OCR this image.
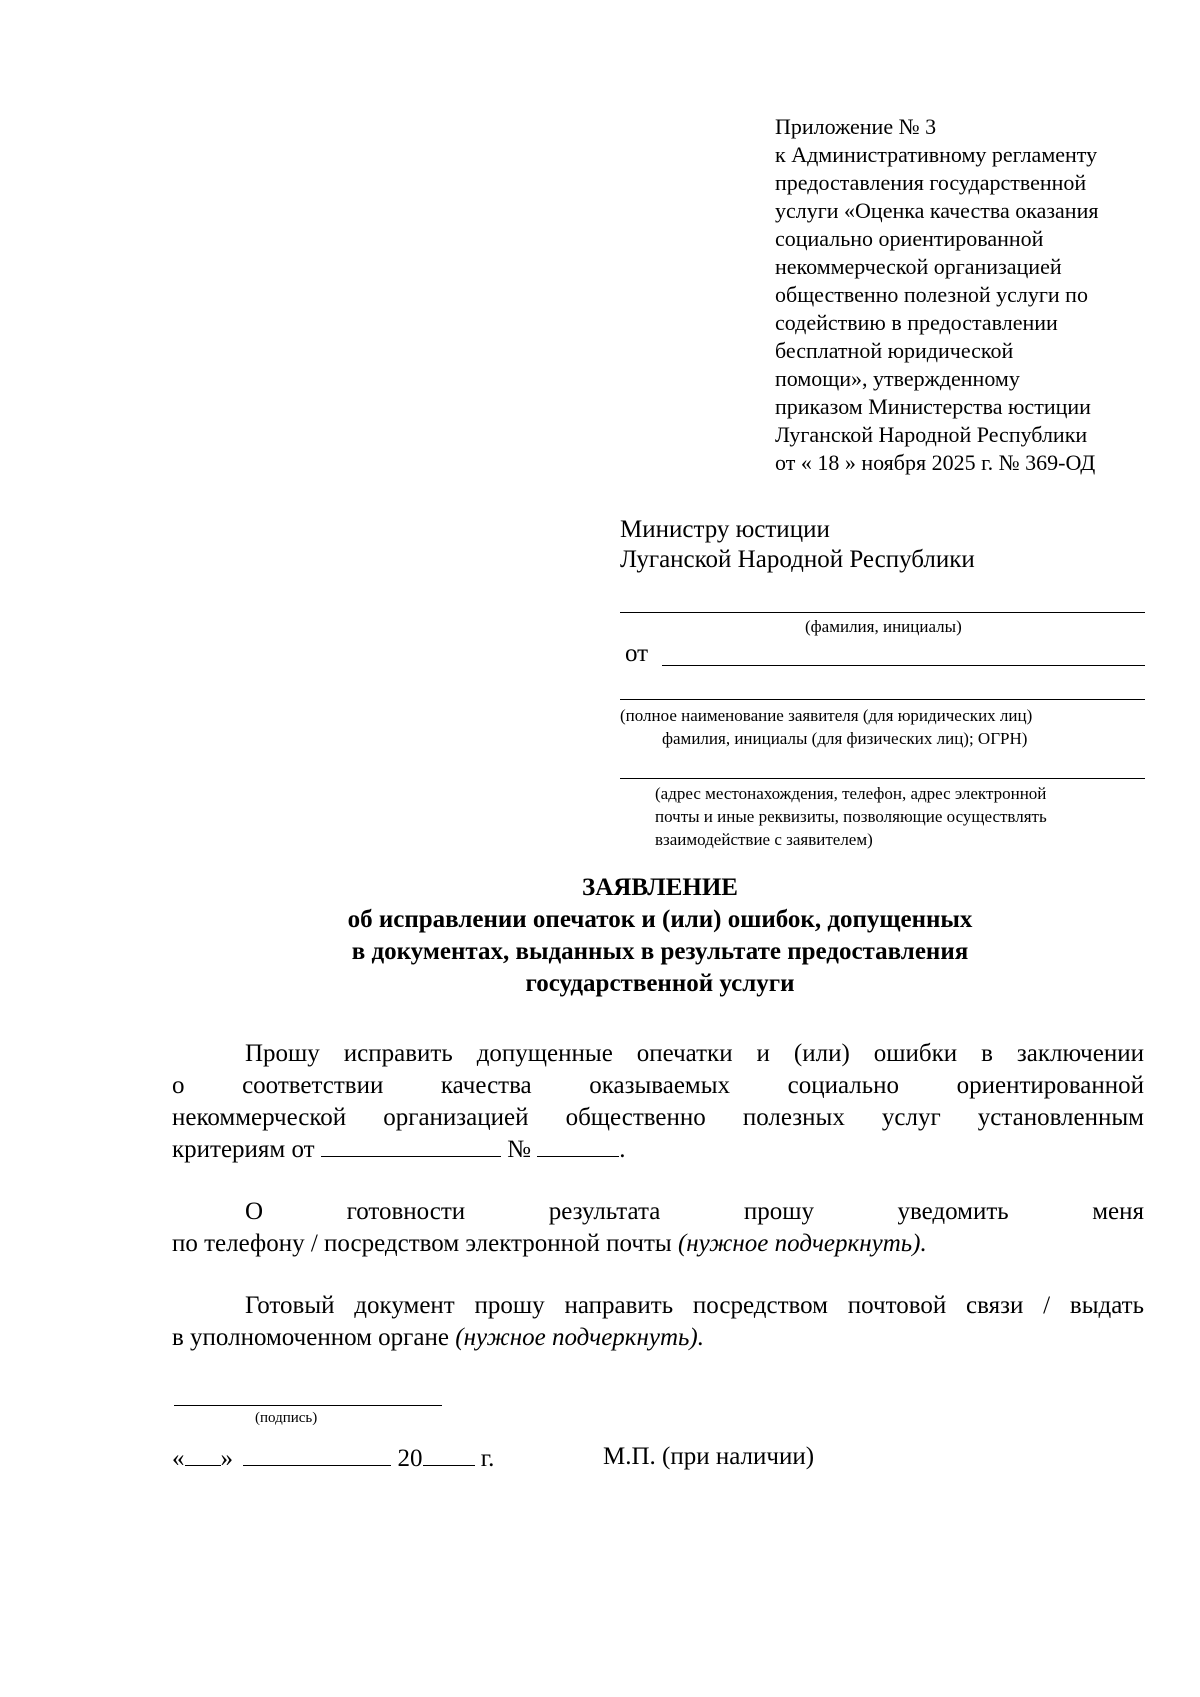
Приложение № 3
к Административному регламенту
предоставления государственной
услуги «Оценка качества оказания
социально ориентированной
некоммерческой организацией
общественно полезной услуги по
содействию в предоставлении
бесплатной юридической
помощи», утвержденному
приказом Министерства юстиции
Луганской Народной Республики
от « 18 » ноября 2025 г. № 369-ОД
Министру юстиции
Луганской Народной Республики
(фамилия, инициалы)
от
(полное наименование заявителя (для юридических лиц)
фамилия, инициалы (для физических лиц); ОГРН)
(адрес местонахождения, телефон, адрес электронной
почты и иные реквизиты, позволяющие осуществлять
взаимодействие с заявителем)
ЗАЯВЛЕНИЕ
об исправлении опечаток и (или) ошибок, допущенных
в документах, выданных в результате предоставления
государственной услуги
Прошу исправить допущенные опечатки и (или) ошибки в заключении
о соответствии качества оказываемых социально ориентированной
некоммерческой организацией общественно полезных услуг установленным
критериям от	№	.
О готовности результата прошу уведомить меня
по телефону / посредством электронной почты (нужное подчеркнуть).
Готовый документ прошу направить посредством почтовой связи / выдать
в уполномоченном органе (нужное подчеркнуть).
(подпись)
« »	20 г.	М.П. (при наличии)
